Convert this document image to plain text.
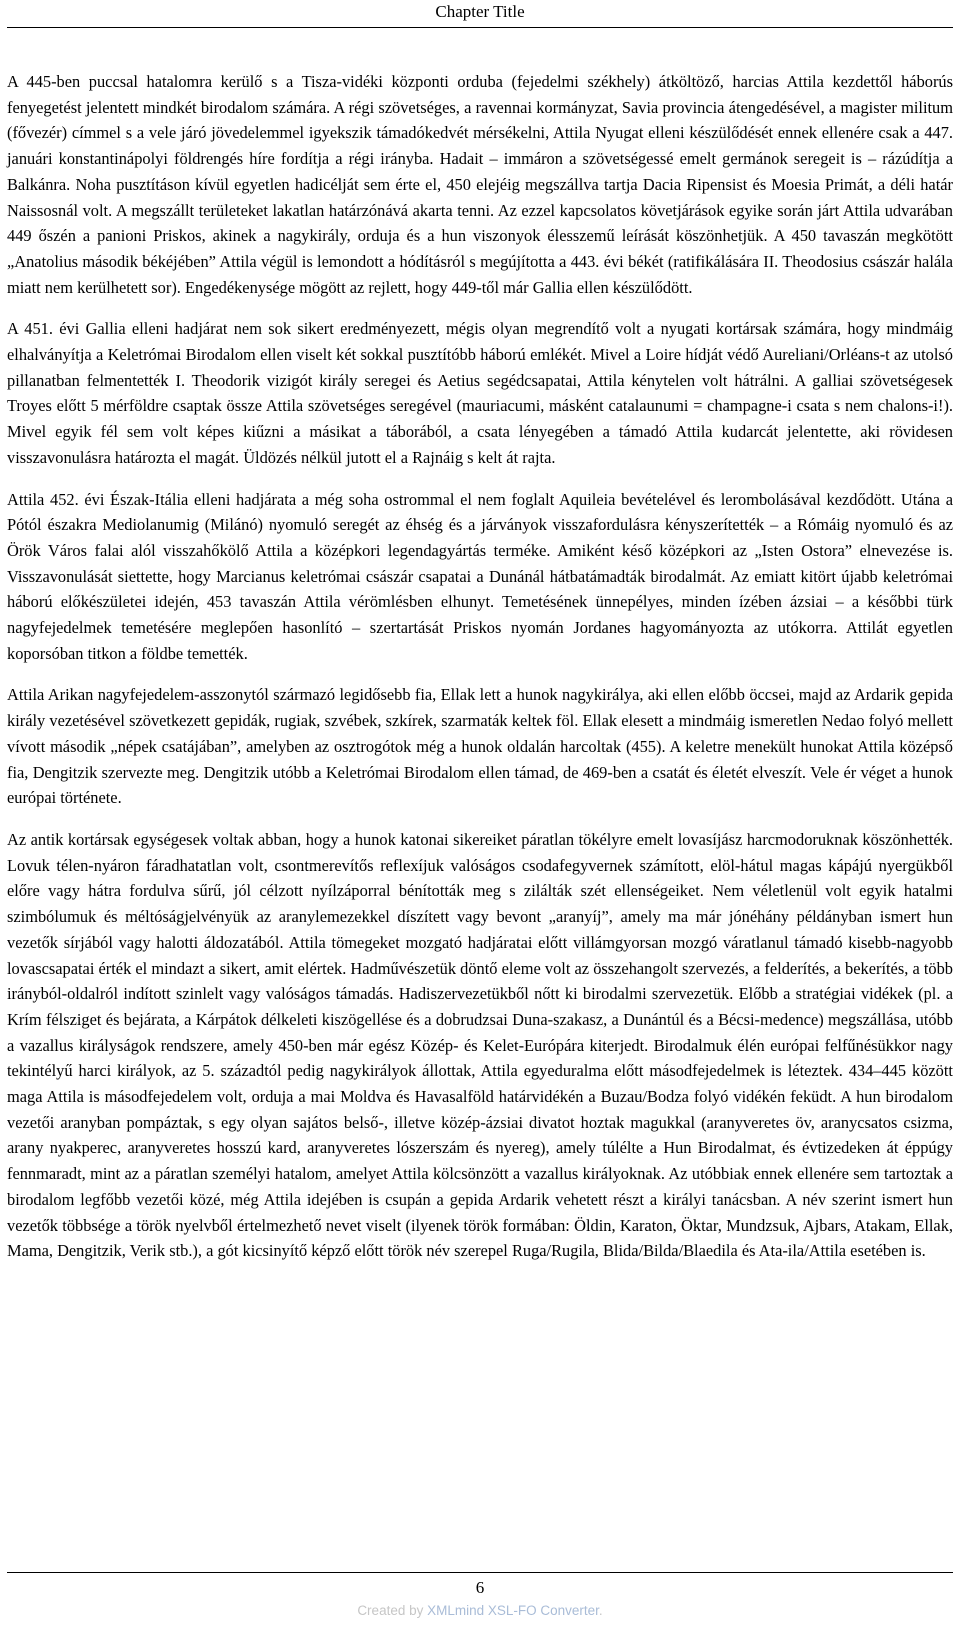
Chapter Title

A 445-ben puccsal hatalomra kerülő s a Tisza-vidéki központi orduba (fejedelmi székhely) átköltöző, harcias Attila kezdettől háborús fenyegetést jelentett mindkét birodalom számára. A régi szövetséges, a ravennai kormányzat, Savia provincia átengedésével, a magister militum (fővezér) címmel s a vele járó jövedelemmel igyekszik támadókedvét mérsékelni, Attila Nyugat elleni készülődését ennek ellenére csak a 447. januári konstantinápolyi földrengés híre fordítja a régi irányba. Hadait – immáron a szövetségessé emelt germánok seregeit is – rázúdítja a Balkánra. Noha pusztításon kívül egyetlen hadicélját sem érte el, 450 elejéig megszállva tartja Dacia Ripensist és Moesia Primát, a déli határ Naissosnál volt. A megszállt területeket lakatlan határzónává akarta tenni. Az ezzel kapcsolatos követjárások egyike során járt Attila udvarában 449 őszén a panioni Priskos, akinek a nagykirály, orduja és a hun viszonyok élesszemű leírását köszönhetjük. A 450 tavaszán megkötött „Anatolius második békéjében” Attila végül is lemondott a hódításról s megújította a 443. évi békét (ratifikálására II. Theodosius császár halála miatt nem kerülhetett sor). Engedékenysége mögött az rejlett, hogy 449-től már Gallia ellen készülődött.

A 451. évi Gallia elleni hadjárat nem sok sikert eredményezett, mégis olyan megrendítő volt a nyugati kortársak számára, hogy mindmáig elhalványítja a Keletrómai Birodalom ellen viselt két sokkal pusztítóbb háború emlékét. Mivel a Loire hídját védő Aureliani/Orléans-t az utolsó pillanatban felmentették I. Theodorik vizigót király seregei és Aetius segédcsapatai, Attila kénytelen volt hátrálni. A galliai szövetségesek Troyes előtt 5 mérföldre csaptak össze Attila szövetséges seregével (mauriacumi, másként catalaunumi = champagne-i csata s nem chalons-i!). Mivel egyik fél sem volt képes kiűzni a másikat a táborából, a csata lényegében a támadó Attila kudarcát jelentette, aki rövidesen visszavonulásra határozta el magát. Üldözés nélkül jutott el a Rajnáig s kelt át rajta.

Attila 452. évi Észak-Itália elleni hadjárata a még soha ostrommal el nem foglalt Aquileia bevételével és lerombolásával kezdődött. Utána a Pótól északra Mediolanumig (Milánó) nyomuló seregét az éhség és a járványok visszafordulásra kényszerítették – a Rómáig nyomuló és az Örök Város falai alól visszahőkölő Attila a középkori legendagyártás terméke. Amiként késő középkori az „Isten Ostora” elnevezése is. Visszavonulását siettette, hogy Marcianus keletrómai császár csapatai a Dunánál hátbatámadták birodalmát. Az emiatt kitört újabb keletrómai háború előkészületei idején, 453 tavaszán Attila vérömlésben elhunyt. Temetésének ünnepélyes, minden ízében ázsiai – a későbbi türk nagyfejedelmek temetésére meglepően hasonlító – szertartását Priskos nyomán Jordanes hagyományozta az utókorra. Attilát egyetlen koporsóban titkon a földbe temették.

Attila Arikan nagyfejedelem-asszonytól származó legidősebb fia, Ellak lett a hunok nagykirálya, aki ellen előbb öccsei, majd az Ardarik gepida király vezetésével szövetkezett gepidák, rugiak, szvébek, szkírek, szarmaták keltek föl. Ellak elesett a mindmáig ismeretlen Nedao folyó mellett vívott második „népek csatájában”, amelyben az osztrogótok még a hunok oldalán harcoltak (455). A keletre menekült hunokat Attila középső fia, Dengitzik szervezte meg. Dengitzik utóbb a Keletrómai Birodalom ellen támad, de 469-ben a csatát és életét elveszít. Vele ér véget a hunok európai története.

Az antik kortársak egységesek voltak abban, hogy a hunok katonai sikereiket páratlan tökélyre emelt lovasíjász harcmodoruknak köszönhették. Lovuk télen-nyáron fáradhatatlan volt, csontmerevítős reflexíjuk valóságos csodafegyvernek számított, elöl-hátul magas kápájú nyergükből előre vagy hátra fordulva sűrű, jól célzott nyílzáporral bénították meg s zilálták szét ellenségeiket. Nem véletlenül volt egyik hatalmi szimbólumuk és méltóságjelvényük az aranylemezekkel díszített vagy bevont „aranyíj”, amely ma már jónéhány példányban ismert hun vezetők sírjából vagy halotti áldozatából. Attila tömegeket mozgató hadjáratai előtt villámgyorsan mozgó váratlanul támadó kisebb-nagyobb lovascsapatai érték el mindazt a sikert, amit elértek. Hadművészetük döntő eleme volt az összehangolt szervezés, a felderítés, a bekerítés, a több irányból-oldalról indított szinlelt vagy valóságos támadás. Hadiszervezetükből nőtt ki birodalmi szervezetük. Előbb a stratégiai vidékek (pl. a Krím félsziget és bejárata, a Kárpátok délkeleti kiszögellése és a dobrudzsai Duna-szakasz, a Dunántúl és a Bécsi-medence) megszállása, utóbb a vazallus királyságok rendszere, amely 450-ben már egész Közép- és Kelet-Európára kiterjedt. Birodalmuk élén európai felfűnésükkor nagy tekintélyű harci királyok, az 5. századtól pedig nagykirályok állottak, Attila egyeduralma előtt másodfejedelmek is léteztek. 434–445 között maga Attila is másodfejedelem volt, orduja a mai Moldva és Havasalföld határvidékén a Buzau/Bodza folyó vidékén feküdt. A hun birodalom vezetői aranyban pompáztak, s egy olyan sajátos belső-, illetve közép-ázsiai divatot hoztak magukkal (aranyveretes öv, aranycsatos csizma, arany nyakperec, aranyveretes hosszú kard, aranyveretes lószerszám és nyereg), amely túlélte a Hun Birodalmat, és évtizedeken át éppúgy fennmaradt, mint az a páratlan személyi hatalom, amelyet Attila kölcsönzött a vazallus királyoknak. Az utóbbiak ennek ellenére sem tartoztak a birodalom legfőbb vezetői közé, még Attila idejében is csupán a gepida Ardarik vehetett részt a királyi tanácsban. A név szerint ismert hun vezetők többsége a török nyelvből értelmezhető nevet viselt (ilyenek török formában: Öldin, Karaton, Öktar, Mundzsuk, Ajbars, Atakam, Ellak, Mama, Dengitzik, Verik stb.), a gót kicsinyítő képző előtt török név szerepel Ruga/Rugila, Blida/Bilda/Blaedila és Ata-ila/Attila esetében is.

6
Created by XMLmind XSL-FO Converter.
